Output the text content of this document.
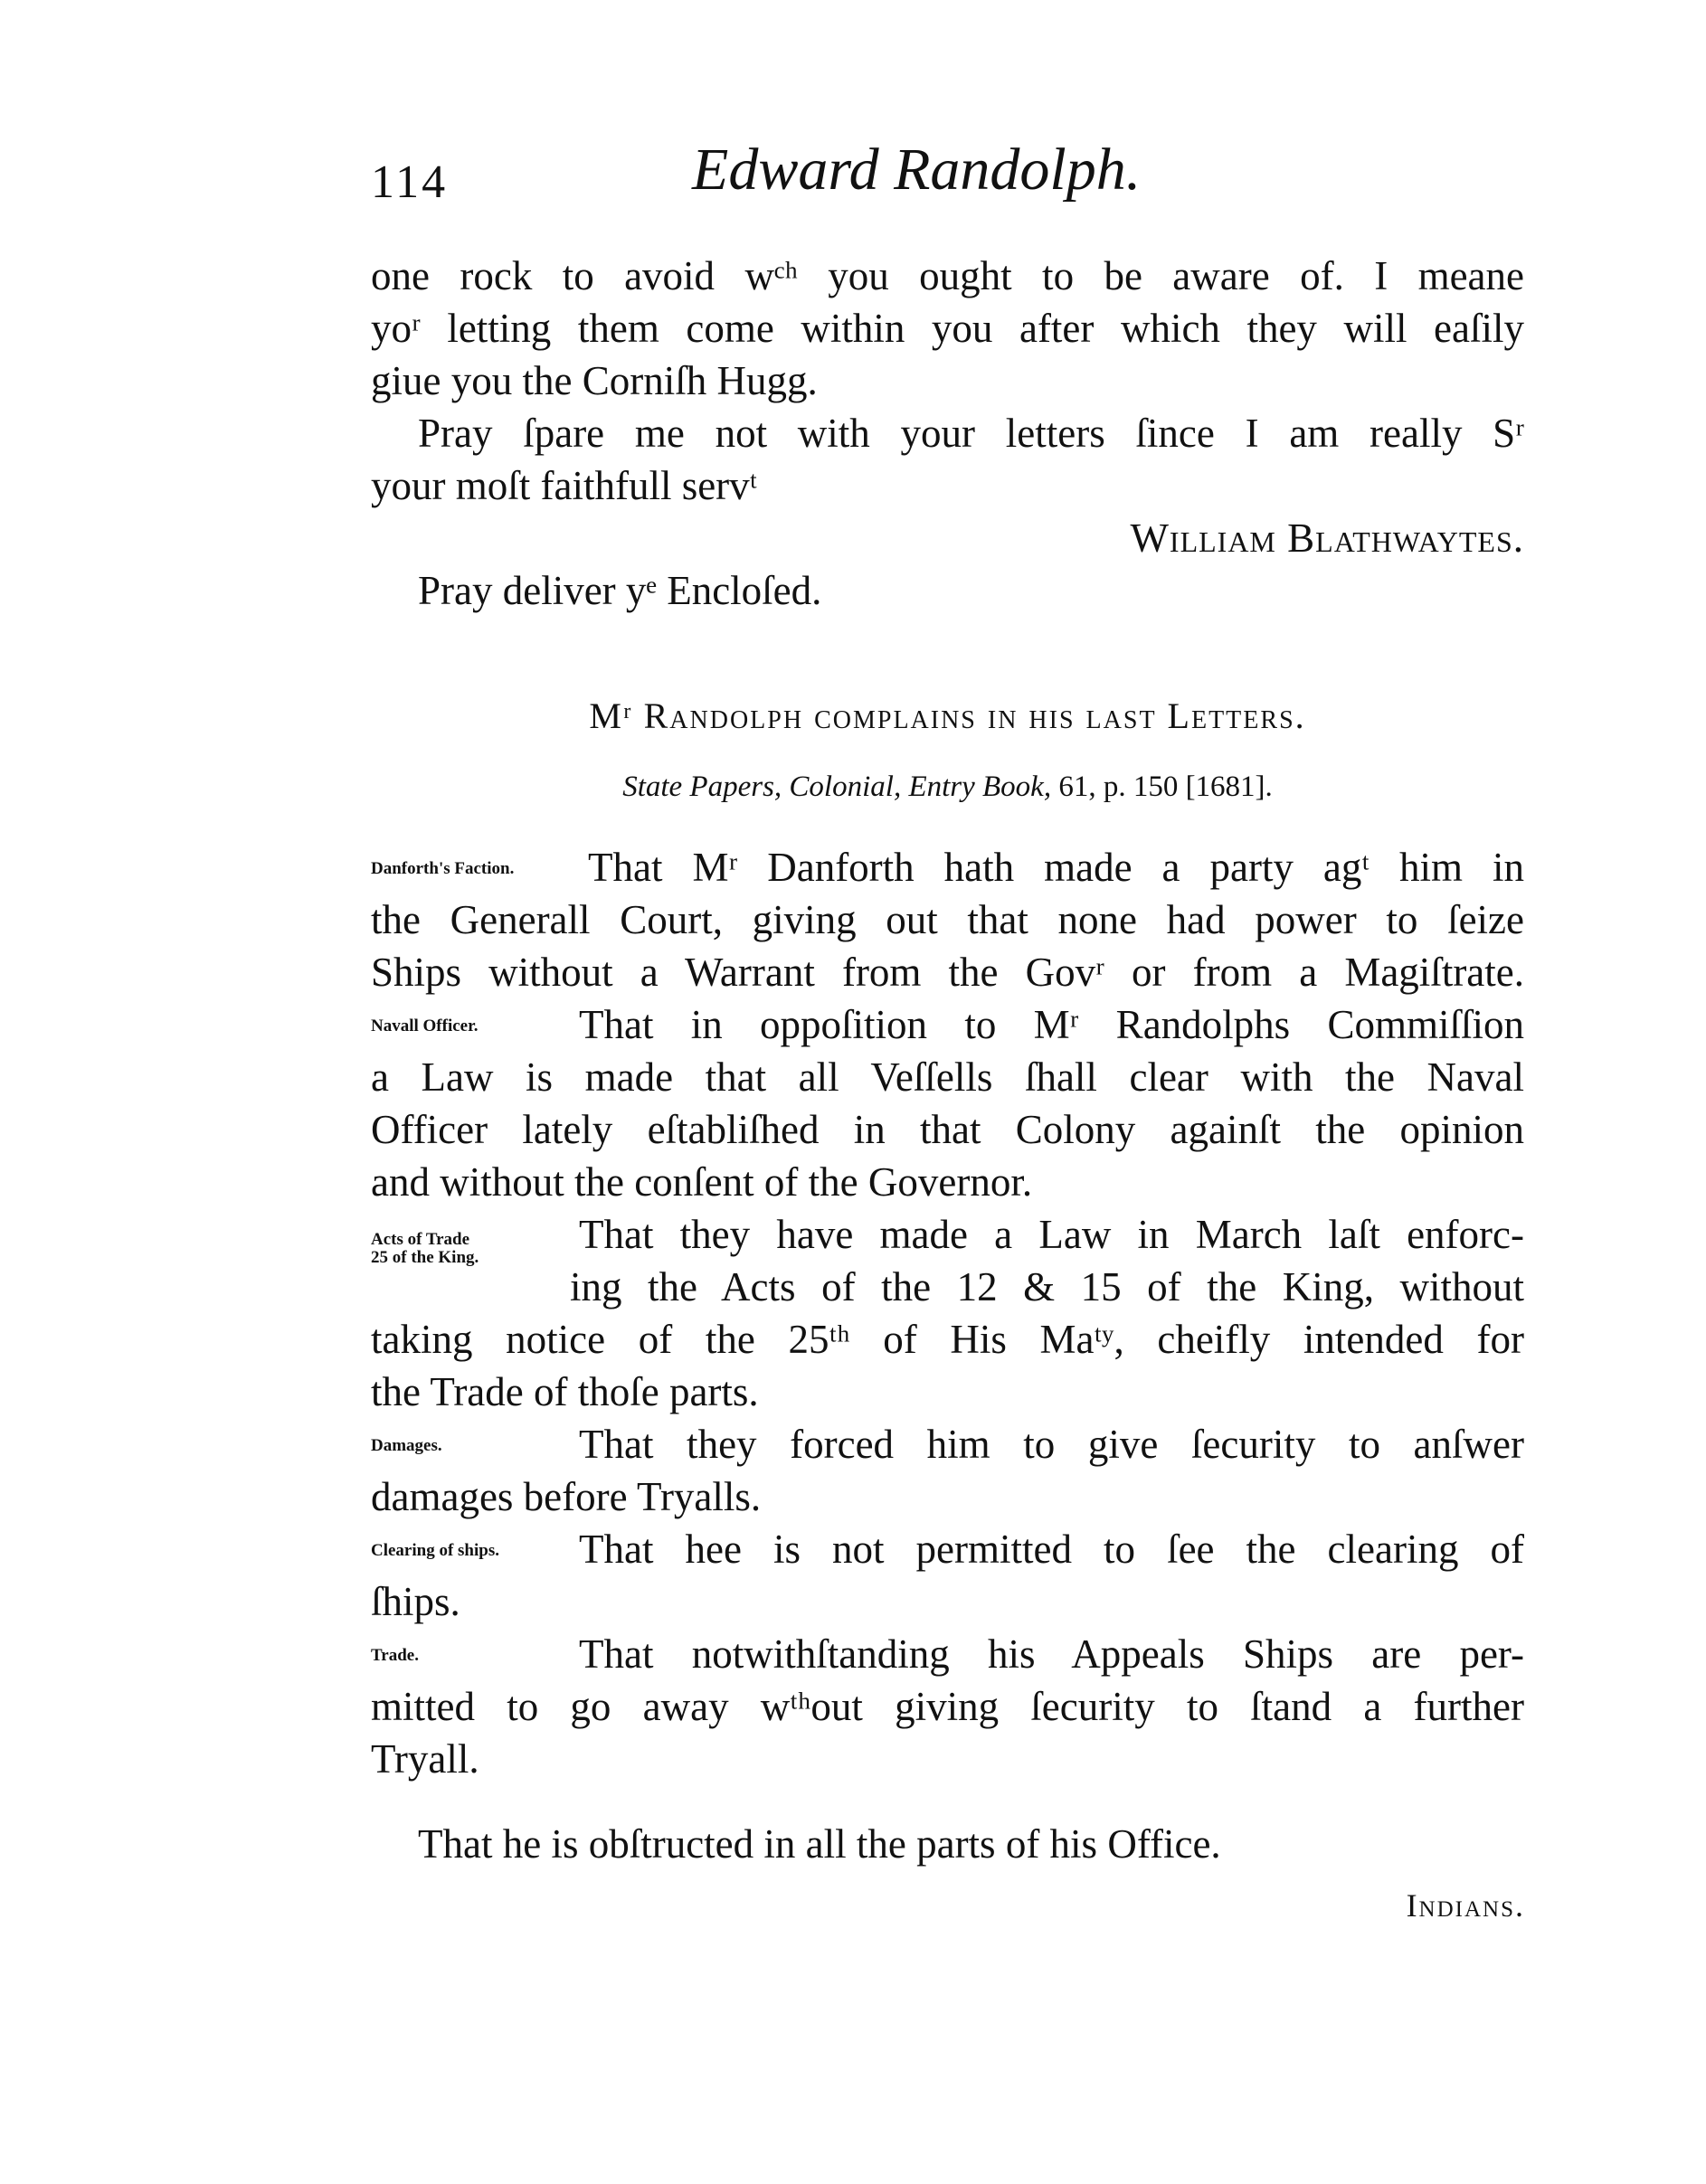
114	Edward Randolph.
one rock to avoid wᶜʰ you ought to be aware of. I meane
yoʳ letting them come within you after which they will eaſily
giue you the Corniſh Hugg.
Pray ſpare me not with your letters ſince I am really Sʳ
your moſt faithfull servᵗ
William Blathwaytes.
Pray deliver yᵉ Encloſed.
Mʳ Randolph complains in his last Letters.
State Papers, Colonial, Entry Book, 61, p. 150 [1681].
Danforth's Faction.	That Mʳ Danforth hath made a party agᵗ him in
the Generall Court, giving out that none had power to ſeize
Ships without a Warrant from the Govʳ or from a Magiſtrate.
Navall Officer.	That in oppoſition to Mʳ Randolphs Commiſſion
a Law is made that all Veſſells ſhall clear with the Naval
Officer lately eſtabliſhed in that Colony againſt the opinion
and without the conſent of the Governor.
Acts of Trade
25 of the King.
That they have made a Law in March laſt enforc-
ing the Acts of the 12 & 15 of the King, without
taking notice of the 25ᵗʰ of His Maᵗʸ, cheifly intended for
the Trade of thoſe parts.
Damages.	That they forced him to give ſecurity to anſwer
damages before Tryalls.
Clearing of ships.	That hee is not permitted to ſee the clearing of
ſhips.
Trade.	That notwithſtanding his Appeals Ships are per-
mitted to go away wᵗʰout giving ſecurity to ſtand a further
Tryall.
That he is obſtructed in all the parts of his Office.
Indians.
